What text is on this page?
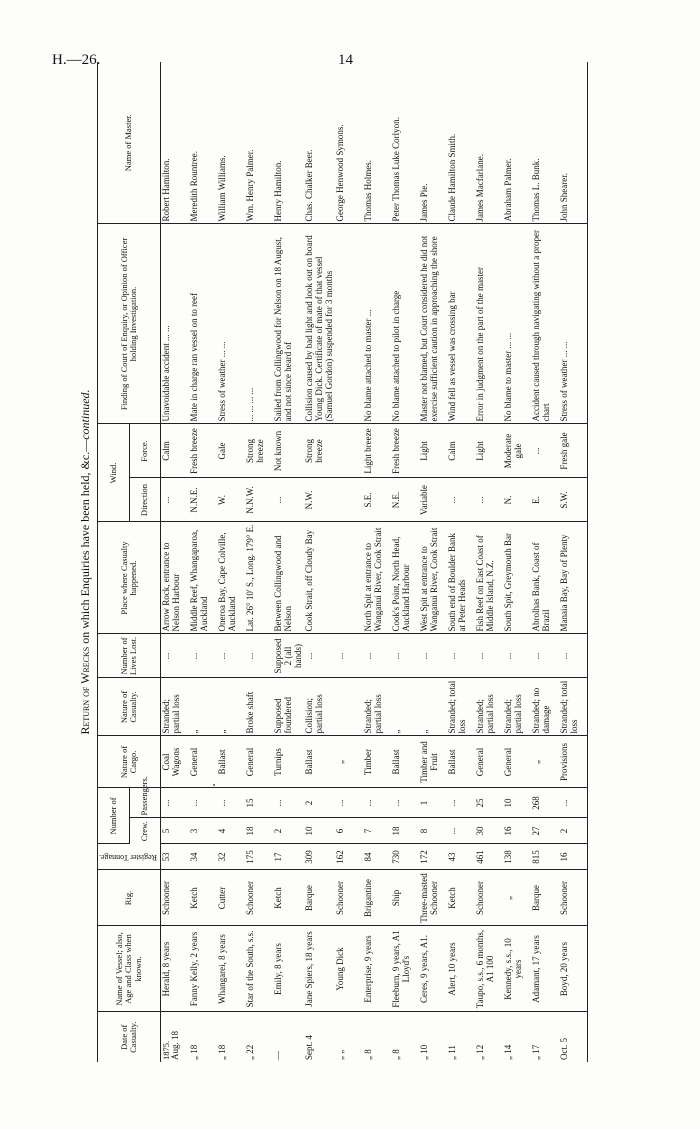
H.—26.	14
Return of Wrecks on which Enquiries have been held, &c.—continued.
Date of Casualty.	Name of Vessel; also, Age and Class when known.	Rig.	Register Tonnage.	Number of		Nature of Cargo.	Nature of Casualty.	Number of Lives Lost.	Place where Casualty happened.	Wind.		Finding of Court of Enquiry, or Opinion of Officer holding Investigation.	Name of Master.
				Crew.	Passengers.					Direction	Force.		

1875. Aug. 18	Herald, 8 years	Schooner	53	5	...	Coal Wagons	Stranded; partial loss	...	Arrow Rock, entrance to Nelson Harbour	...	Calm	Unavoidable accident ... ...	Robert Hamilton.
„ 18	Fanny Kelly, 2 years	Ketch	34	3	...	General	„	...	Middle Reef, Whangaparoa, Auckland	N.N.E.	Fresh breeze	Mate in charge ran vessel on to reef	Meredith Rountree.
„ 18	Whangarei, 8 years	Cutter	32	4	...	Ballast	„	...	Oneroa Bay, Cape Colville, Auckland	W.	Gale	Stress of weather ... ...	William Williams.
„ 22	Star of the South, s.s.	Schooner	175	18	15	General	Broke shaft	...	Lat. 26° 10′ S., Long. 179° E.	N.N.W.	Strong breeze	... ... ... ...	Wm. Henry Palmer.
—	Emily, 8 years	Ketch	17	2	...	Turnips	Supposed foundered	Supposed 2 (all hands)	Between Collingwood and Nelson	...	Not known	Sailed from Collingwood for Nelson on 18 August, and not since heard of	Henry Hamilton.
Sept. 4	Jane Spiers, 18 years	Barque	309	10	2	Ballast	Collision; partial loss	...	Cook Strait, off Cloudy Bay	N.W.	Strong breeze	Collision caused by bad light and look out on board Young Dick. Certificate of mate of that vessel (Samuel Gordon) suspended for 3 months	Chas. Chalker Beer.
„ „	Young Dick	Schooner	162	6	...	„		...					George Henwood Symons.
„ 8	Enterprise, 9 years	Brigantine	84	7	...	Timber	Stranded; partial loss	...	North Spit at entrance to Wanganui River, Cook Strait	S.E.	Light breeze	No blame attached to master ...	Thomas Holmes.
„ 8	Fleeburn, 9 years, A1 Lloyd's	Ship	730	18	...	Ballast	„	...	Cook's Point, North Head, Auckland Harbour	N.E.	Fresh breeze	No blame attached to pilot in charge	Peter Thomas Luke Corlyon.
„ 10	Ceres, 9 years, A1.	Three-masted Schooner	172	8	1	Timber and Fruit	„	...	West Spit at entrance to Wanganui River, Cook Strait	Variable	Light	Master not blamed, but Court considered he did not exercise sufficient caution in approaching the shore	James Pie.
„ 11	Alert, 10 years	Ketch	43	...	...	Ballast	Stranded; total loss	...	South end of Boulder Bank at Peter Heads	...	Calm	Wind fell as vessel was crossing bar	Claude Hamilton Smith.
„ 12	Taupo, s.s., 6 months, A1 100	Schooner	461	30	25	General	Stranded; partial loss	...	Fish Reef on East Coast of Middle Island, N.Z.	...	Light	Error in judgment on the part of the master	James Macfarlane.
„ 14	Kennedy, s.s., 10 years	„	138	16	10	General	Stranded; partial loss	...	South Spit, Greymouth Bar	N.	Moderate gale	No blame to master ... ...	Abraham Palmer.
„ 17	Adamant, 17 years	Barque	815	27	268	„	Stranded; no damage	...	Abrolhas Bank, Coast of Brazil	E.	...	Accident caused through navigating without a proper chart	Thomas L. Bunk.
Oct. 5	Boyd, 20 years	Schooner	16	2	...	Provisions	Stranded; total loss	...	Manaia Bay, Bay of Plenty	S.W.	Fresh gale	Stress of weather ... ...	John Shearer.
